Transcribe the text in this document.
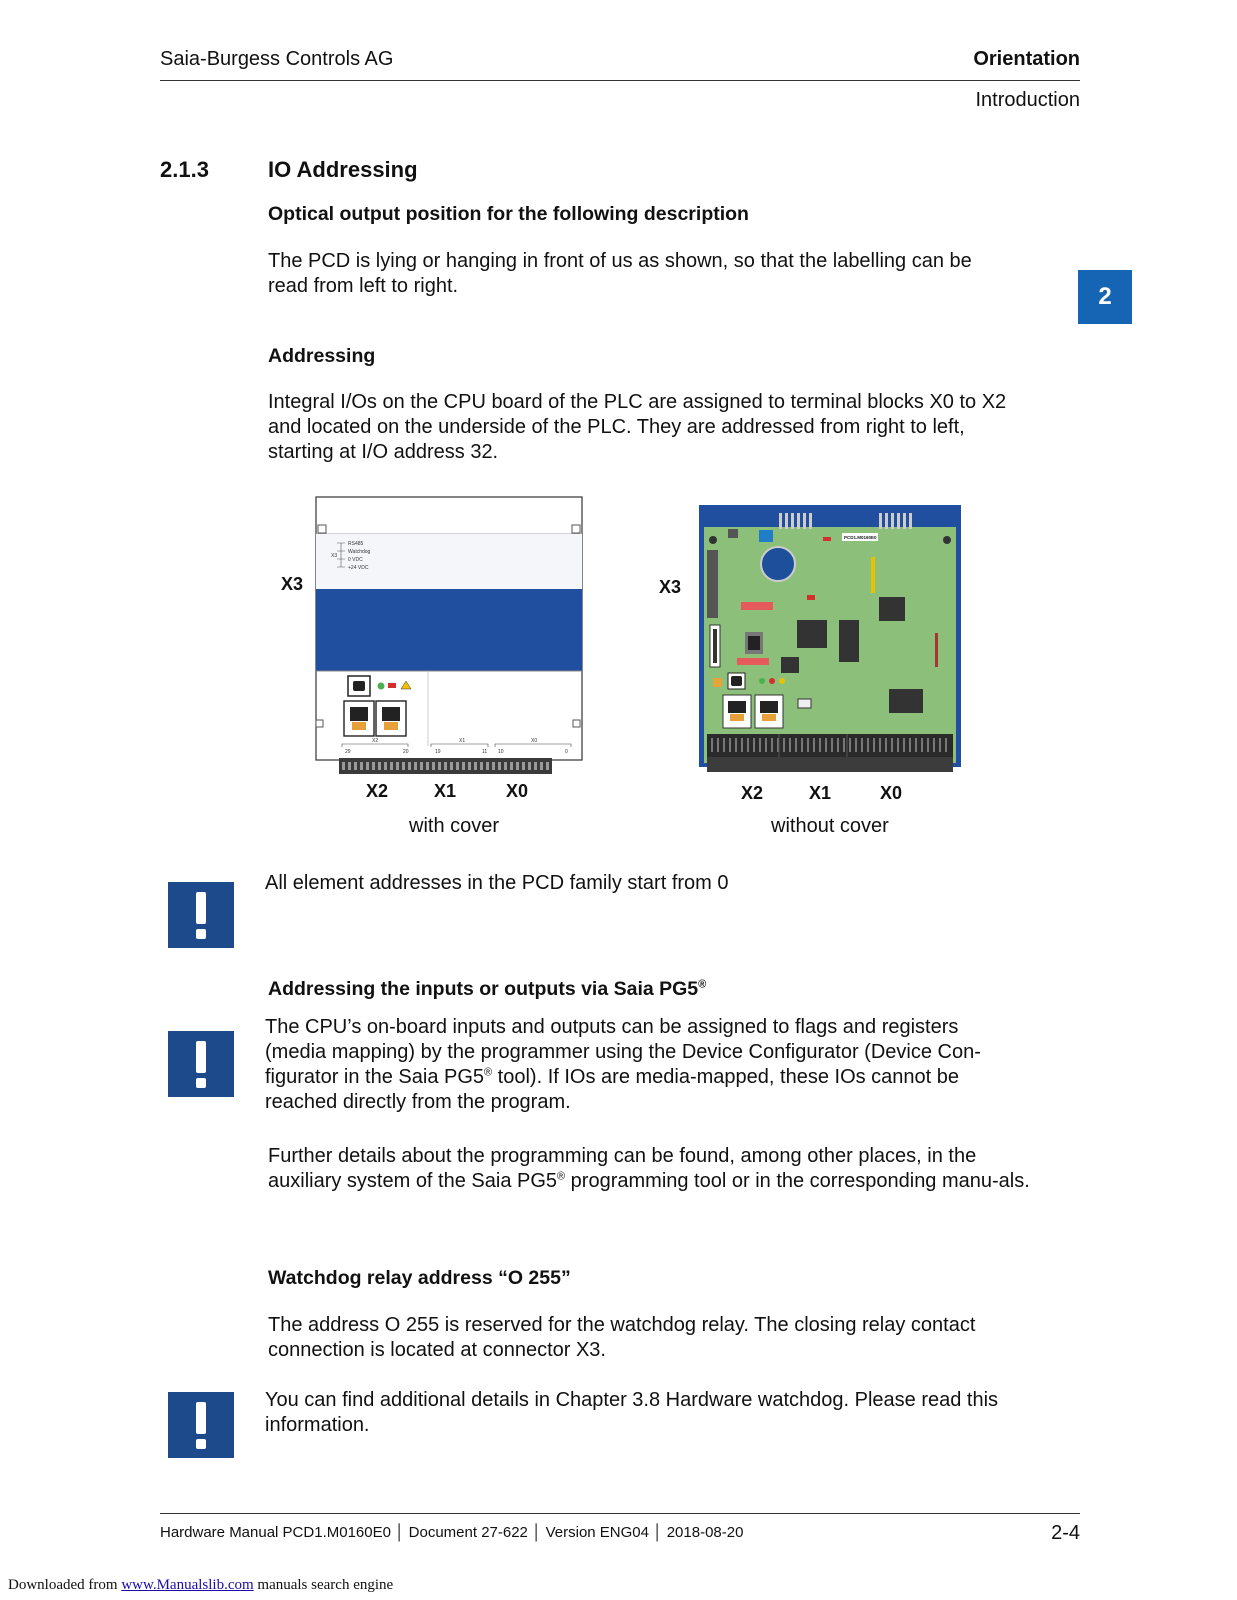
Saia-Burgess Controls AG	Orientation
Introduction
2
2.1.3	IO Addressing
Optical output position for the following description
The PCD is lying or hanging in front of us as shown, so that the labelling can be read from left to right.
Addressing
Integral I/Os on the CPU board of the PLC are assigned to terminal blocks X0 to X2 and located on the underside of the PLC. They are addressed from right to left, starting at I/O address 32.
X3
X3
RS485
Watchdog
0 VDC
+24 VDC
X2	X1	X0
29	20	19	11 10	0
X2	X1	X0
with cover
X3
PCD1.M0160E0
X2	X1	X0
without cover
All element addresses in the PCD family start from 0
Addressing the inputs or outputs via Saia PG5®
The CPU’s on-board inputs and outputs can be assigned to flags and registers (media mapping) by the programmer using the Device Configurator (Device Con-figurator in the Saia PG5® tool). If IOs are media-mapped, these IOs cannot be reached directly from the program.
Further details about the programming can be found, among other places, in the auxiliary system of the Saia PG5® programming tool or in the corresponding manu-als.
Watchdog relay address “O 255”
The address O 255 is reserved for the watchdog relay. The closing relay contact connection is located at connector X3.
You can find additional details in Chapter 3.8 Hardware watchdog. Please read this information.
Hardware Manual PCD1.M0160E0 │ Document 27-622 │ Version ENG04 │ 2018-08-20	2-4
Downloaded from www.Manualslib.com manuals search engine
